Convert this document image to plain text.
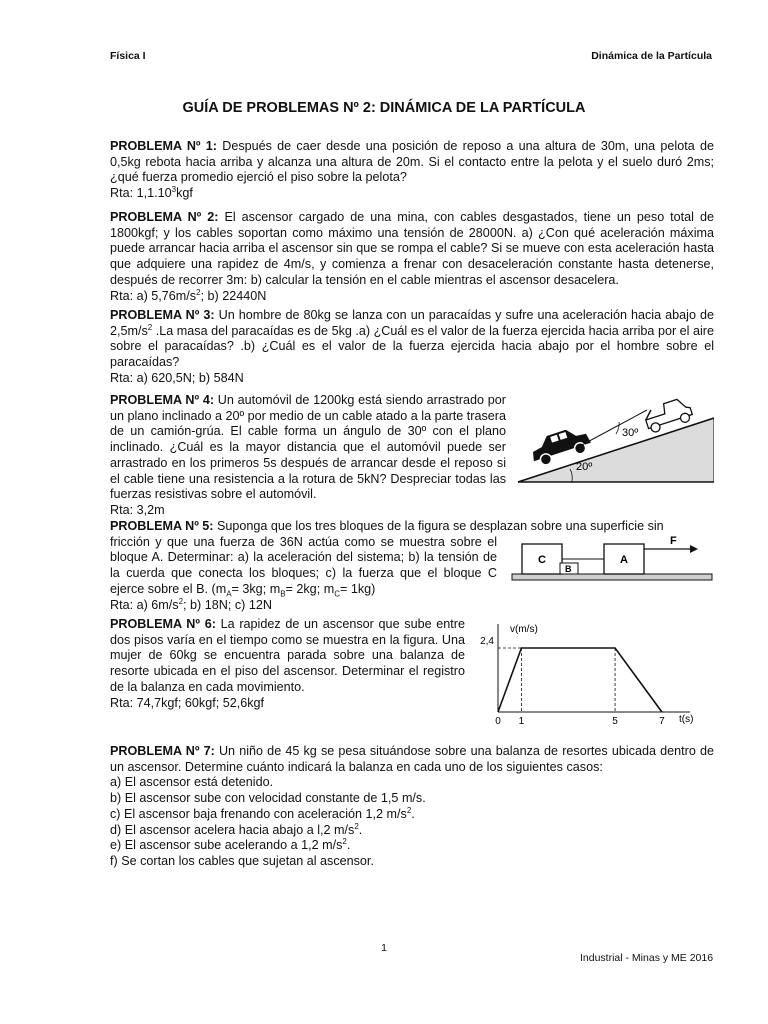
Física I	Dinámica de la Partícula
GUÍA DE PROBLEMAS Nº 2: DINÁMICA DE LA PARTÍCULA
PROBLEMA Nº 1: Después de caer desde una posición de reposo a una altura de 30m, una pelota de 0,5kg rebota hacia arriba y alcanza una altura de 20m. Si el contacto entre la pelota y el suelo duró 2ms; ¿qué fuerza promedio ejerció el piso sobre la pelota?
Rta: 1,1.10$^3$kgf
PROBLEMA Nº 2: El ascensor cargado de una mina, con cables desgastados, tiene un peso total de 1800kgf; y los cables soportan como máximo una tensión de 28000N. a) ¿Con qué aceleración máxima puede arrancar hacia arriba el ascensor sin que se rompa el cable? Si se mueve con esta aceleración hasta que adquiere una rapidez de 4m/s, y comienza a frenar con desaceleración constante hasta detenerse, después de recorrer 3m: b) calcular la tensión en el cable mientras el ascensor desacelera.
Rta: a) $5,76m/s^2$; b) 22440N
PROBLEMA Nº 3: Un hombre de 80kg se lanza con un paracaídas y sufre una aceleración hacia abajo de $2,5m/s^2$ .La masa del paracaídas es de 5kg .a) ¿Cuál es el valor de la fuerza ejercida hacia arriba por el aire sobre el paracaídas? .b) ¿Cuál es el valor de la fuerza ejercida hacia abajo por el hombre sobre el paracaídas?
Rta: a) 620,5N; b) 584N
PROBLEMA Nº 4: Un automóvil de 1200kg está siendo arrastrado por un plano inclinado a 20º por medio de un cable atado a la parte trasera de un camión-grúa. El cable forma un ángulo de 30º con el plano inclinado. ¿Cuál es la mayor distancia que el automóvil puede ser arrastrado en los primeros 5s después de arrancar desde el reposo si el cable tiene una resistencia a la rotura de 5kN? Despreciar todas las fuerzas resistivas sobre el automóvil.
Rta: 3,2m
30º
20º
PROBLEMA Nº 5: Suponga que los tres bloques de la figura se desplazan sobre una superficie sin
fricción y que una fuerza de 36N actúa como se muestra sobre el bloque A. Determinar: a) la aceleración del sistema; b) la tensión de la cuerda que conecta los bloques; c) la fuerza que el bloque C ejerce sobre el B. ($m_A= 3kg$; $m_B= 2kg$; $m_C= 1kg$)
Rta: a) $6m/s^2$; b) 18N; c) 12N
C
B
A
F
PROBLEMA Nº 6: La rapidez de un ascensor que sube entre dos pisos varía en el tiempo como se muestra en la figura. Una mujer de 60kg se encuentra parada sobre una balanza de resorte ubicada en el piso del ascensor. Determinar el registro de la balanza en cada movimiento.
Rta: 74,7kgf; 60kgf; 52,6kgf
v(m/s)
t(s)
0 1	5	7
2,4
PROBLEMA Nº 7: Un niño de 45 kg se pesa situándose sobre una balanza de resortes ubicada dentro de un ascensor. Determine cuánto indicará la balanza en cada uno de los siguientes casos:
a) El ascensor está detenido.
b) El ascensor sube con velocidad constante de 1,5 m/s.
c) El ascensor baja frenando con aceleración 1,2 $m/s^2$.
d) El ascensor acelera hacia abajo a l,2 $m/s^2$.
e) El ascensor sube acelerando a 1,2 $m/s^2$.
f) Se cortan los cables que sujetan al ascensor.
1
Industrial - Minas y ME 2016
